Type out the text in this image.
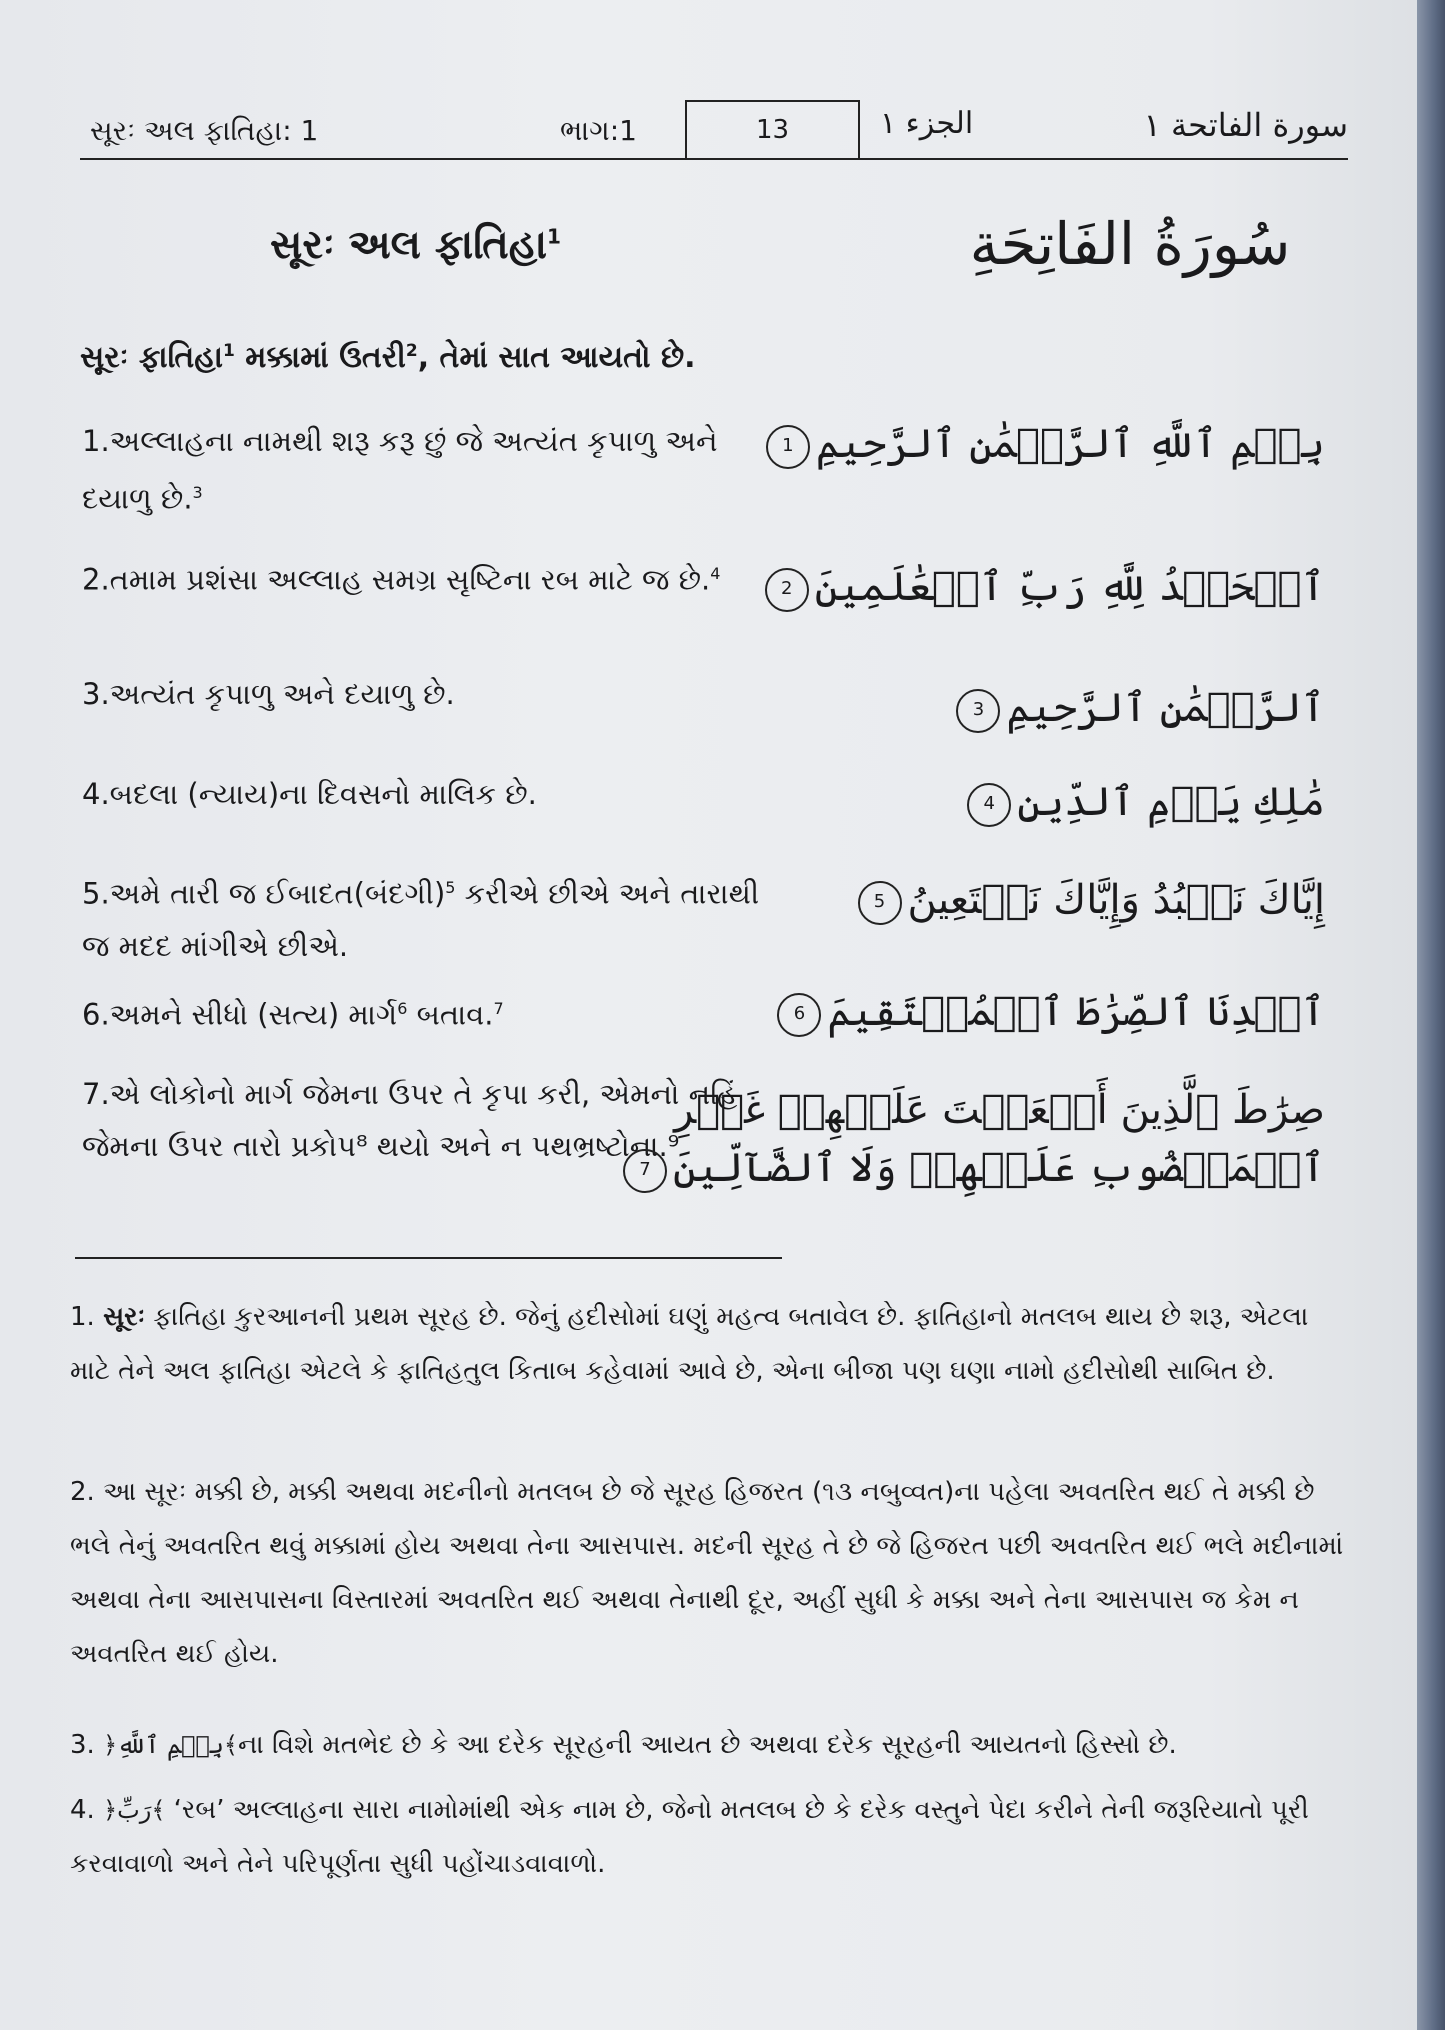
સૂરઃ અલ ફાતિહા: 1	ભાગ:1	13	الجزء ١	سورة الفاتحة ١
સૂરઃ અલ ફાતિહા$^1$	سُورَةُ الفَاتِحَةِ
સૂરઃ ફાતિહા$^1$ મક્કામાં ઉતરી$^2$, તેમાં સાત આયતો છે.
1.અલ્લાહના નામથી શરૂ કરૂ છું જે અત્યંત કૃપાળુ અને દયાળુ છે.$^3$
بِسۡمِ ٱللَّهِ ٱلرَّحۡمَٰنِ ٱلرَّحِيمِ1
2.તમામ પ્રશંસા અલ્લાહ સમગ્ર સૃષ્ટિના રબ માટે જ છે.$^4$	ٱلۡحَمۡدُ لِلَّهِ رَبِّ ٱلۡعَٰلَمِينَ2
3.અત્યંત કૃપાળુ અને દયાળુ છે.	ٱلرَّحۡمَٰنِ ٱلرَّحِيمِ3
4.બદલા (ન્યાય)ના દિવસનો માલિક છે.	مَٰلِكِ يَوۡمِ ٱلدِّينِ4
5.અમે તારી જ ઈબાદત(બંદગી)$^5$ કરીએ છીએ અને તારાથી જ મદદ માંગીએ છીએ.
إِيَّاكَ نَعۡبُدُ وَإِيَّاكَ نَسۡتَعِينُ5
6.અમને સીધો (સત્ય) માર્ગ$^6$ બતાવ.$^7$	ٱهۡدِنَا ٱلصِّرَٰطَ ٱلۡمُسۡتَقِيمَ6
7.એ લોકોનો માર્ગ જેમના ઉપર તે કૃપા કરી, એમનો નહિં જેમના ઉપર તારો પ્રકોપ⁸ થયો અને ન પથભ્રષ્ટોના.⁹
صِرَٰطَ ٱلَّذِينَ أَنۡعَمۡتَ عَلَيۡهِمۡ غَيۡرِ
ٱلۡمَغۡضُوبِ عَلَيۡهِمۡ وَلَا ٱلضَّآلِّينَ7
1. સૂરઃ ફાતિહા કુરઆનની પ્રથમ સૂરહ છે. જેનું હદીસોમાં ઘણું મહત્વ બતાવેલ છે. ફાતિહાનો મતલબ થાય છે શરૂ, એટલા માટે તેને અલ ફાતિહા એટલે કે ફાતિહતુલ કિતાબ કહેવામાં આવે છે, એના બીજા પણ ઘણા નામો હદીસોથી સાબિત છે.
2. આ સૂરઃ મક્કી છે, મક્કી અથવા મદનીનો મતલબ છે જે સૂરહ હિજરત (૧૩ નબુવ્વત)ના પહેલા અવતરિત થઈ તે મક્કી છે ભલે તેનું અવતરિત થવું મક્કામાં હોય અથવા તેના આસપાસ. મદની સૂરહ તે છે જે હિજરત પછી અવતરિત થઈ ભલે મદીનામાં અથવા તેના આસપાસના વિસ્તારમાં અવતરિત થઈ અથવા તેનાથી દૂર, અહીં સુધી કે મક્કા અને તેના આસપાસ જ કેમ ન અવતરિત થઈ હોય.
3. ﴿بِسۡمِ ٱللَّهِ﴾ના વિશે મતભેદ છે કે આ દરેક સૂરહની આયત છે અથવા દરેક સૂરહની આયતનો હિસ્સો છે.
4. ﴿رَبِّ﴾ ‘રબ’ અલ્લાહના સારા નામોમાંથી એક નામ છે, જેનો મતલબ છે કે દરેક વસ્તુને પેદા કરીને તેની જરૂરિયાતો પૂરી કરવાવાળો અને તેને પરિપૂર્ણતા સુધી પહોંચાડવાવાળો.
